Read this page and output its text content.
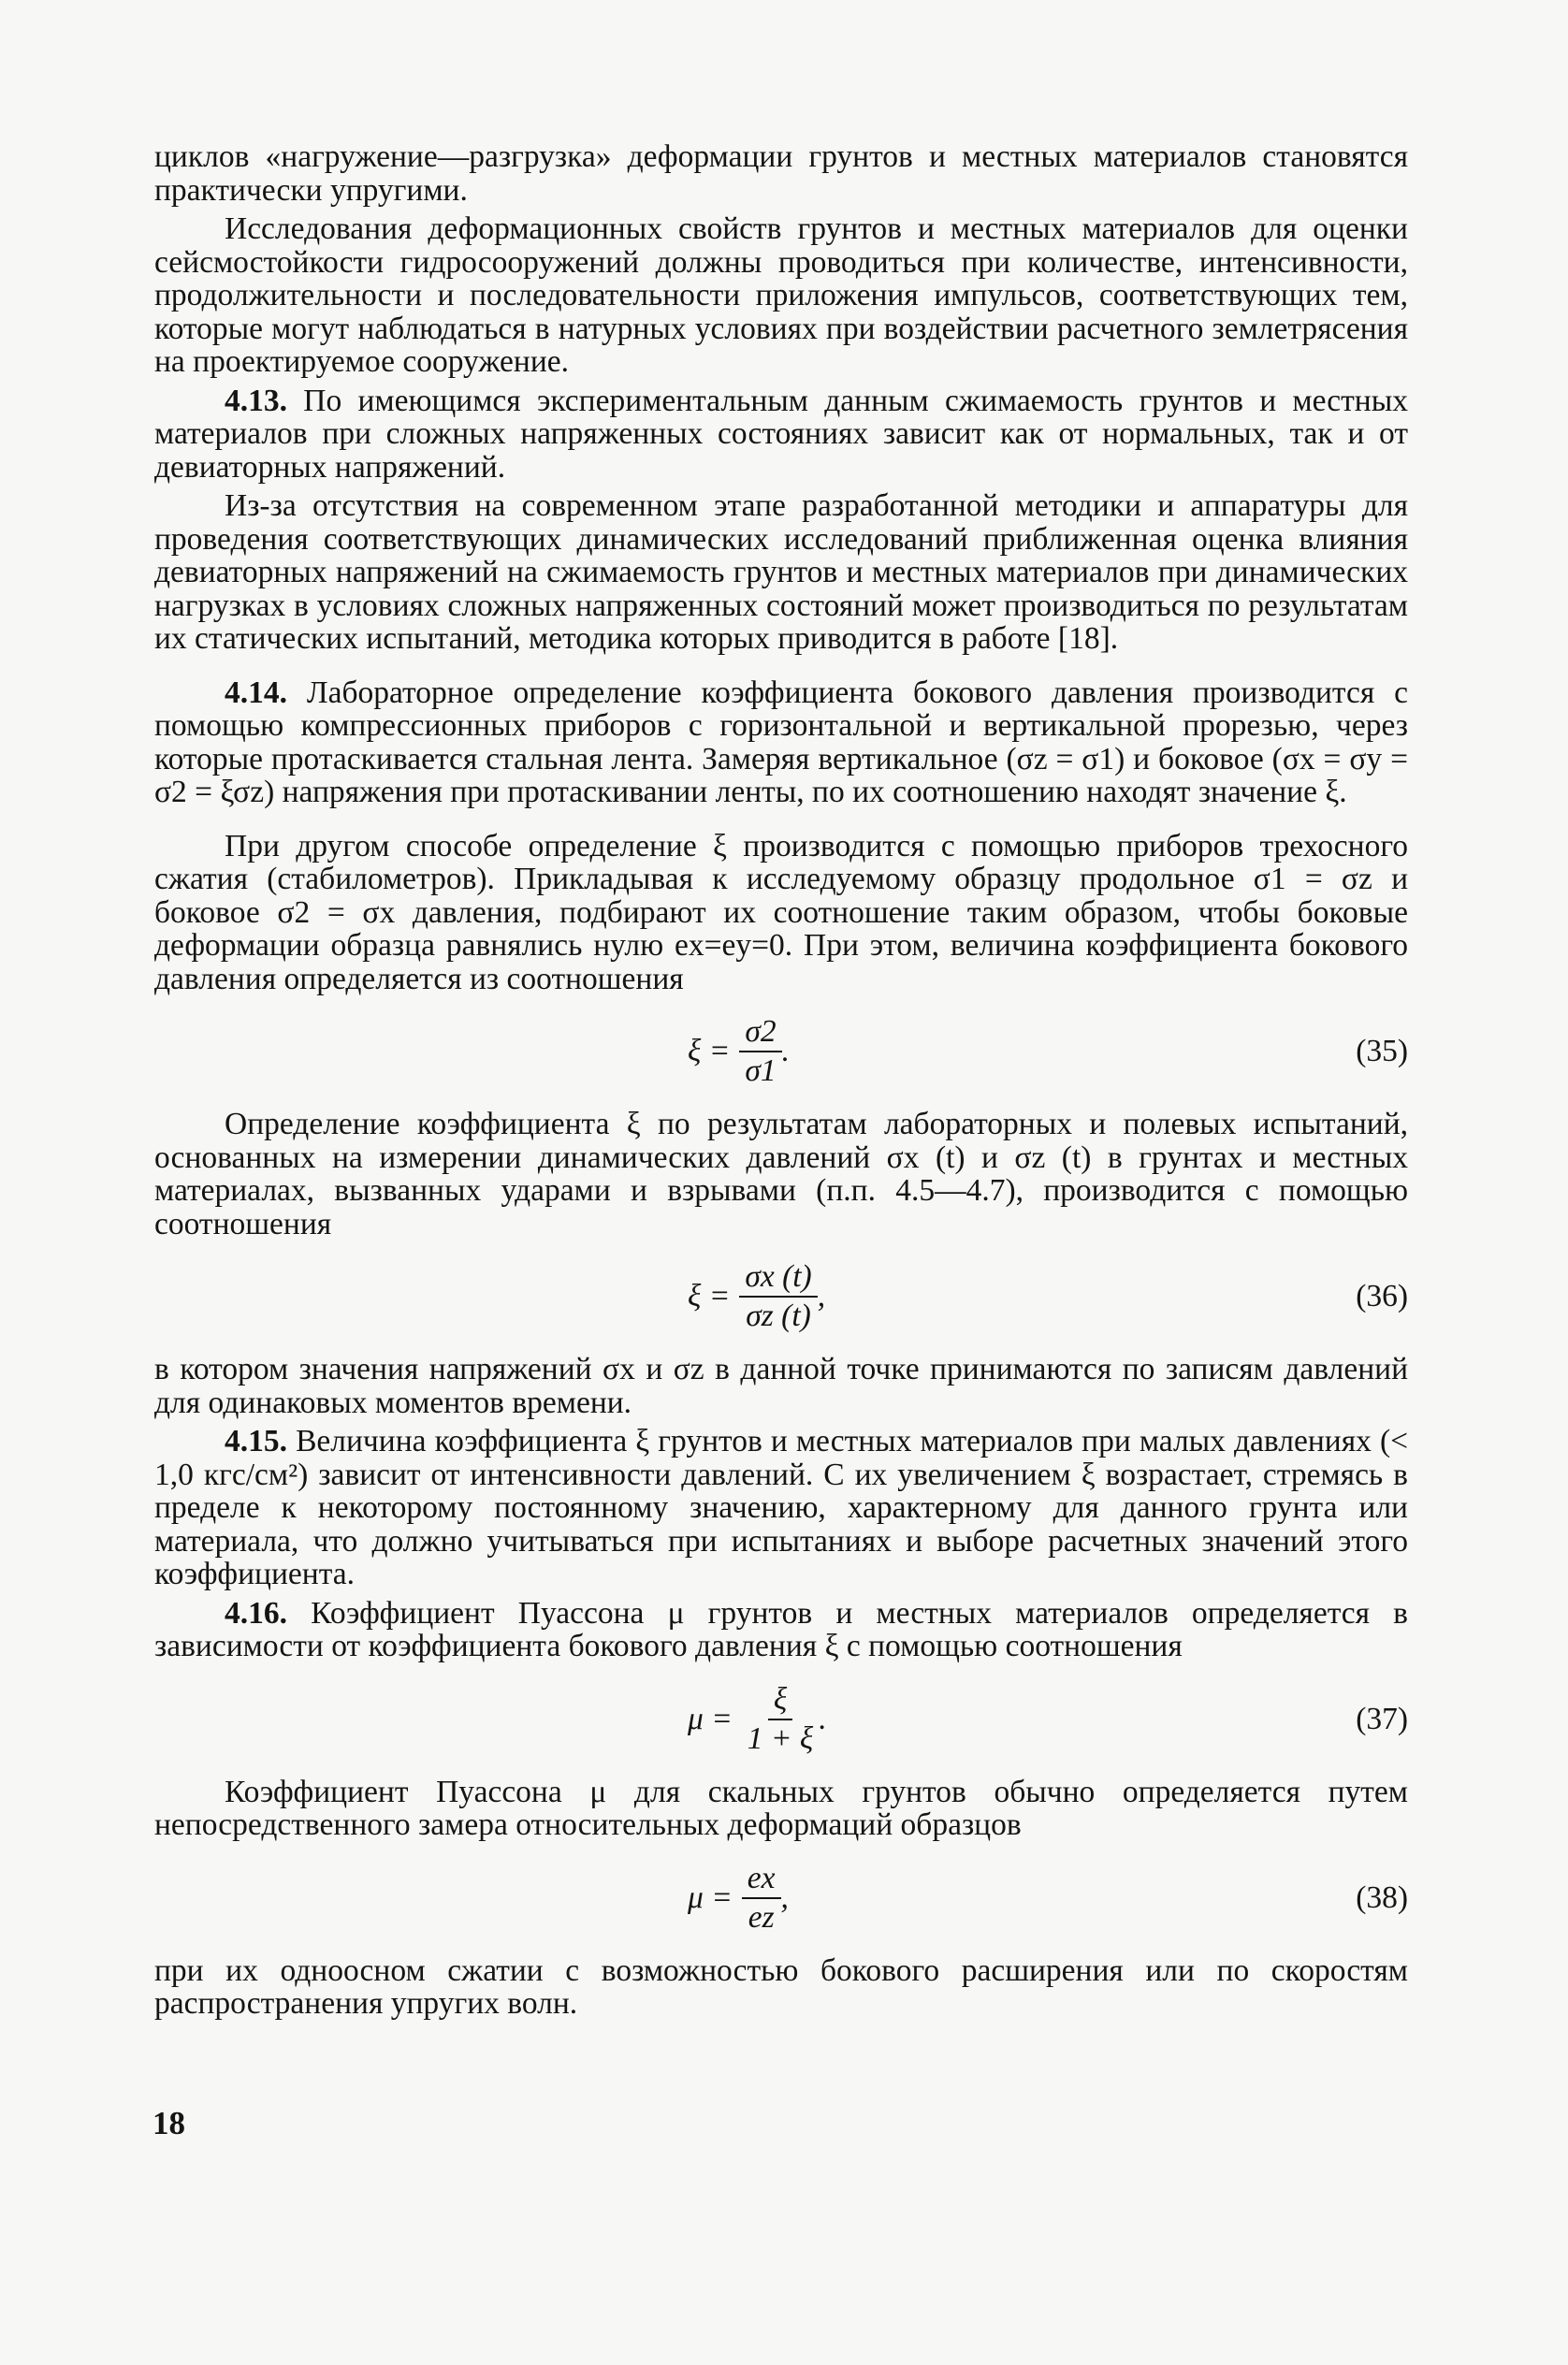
циклов «нагружение—разгрузка» деформации грунтов и местных материалов становятся практически упругими.

Исследования деформационных свойств грунтов и местных материалов для оценки сейсмостойкости гидросооружений должны проводиться при количестве, интенсивности, продолжительности и последовательности приложения импульсов, соответствующих тем, которые могут наблюдаться в натурных условиях при воздействии расчетного землетрясения на проектируемое сооружение.

4.13. По имеющимся экспериментальным данным сжимаемость грунтов и местных материалов при сложных напряженных состояниях зависит как от нормальных, так и от девиаторных напряжений.

Из-за отсутствия на современном этапе разработанной методики и аппаратуры для проведения соответствующих динамических исследований приближенная оценка влияния девиаторных напряжений на сжимаемость грунтов и местных материалов при динамических нагрузках в условиях сложных напряженных состояний может производиться по результатам их статических испытаний, методика которых приводится в работе [18].

4.14. Лабораторное определение коэффициента бокового давления производится с помощью компрессионных приборов с горизонтальной и вертикальной прорезью, через которые протаскивается стальная лента. Замеряя вертикальное (σz = σ1) и боковое (σx = σy = σ2 = ξσz) напряжения при протаскивании ленты, по их соотношению находят значение ξ.

При другом способе определение ξ производится с помощью приборов трехосного сжатия (стабилометров). Прикладывая к исследуемому образцу продольное σ1 = σz и боковое σ2 = σx давления, подбирают их соотношение таким образом, чтобы боковые деформации образца равнялись нулю ex=ey=0. При этом, величина коэффициента бокового давления определяется из соотношения

$\xi = \frac{\sigma 2}{\sigma 1}$ .	(35)

Определение коэффициента ξ по результатам лабораторных и полевых испытаний, основанных на измерении динамических давлений σx (t) и σz (t) в грунтах и местных материалах, вызванных ударами и взрывами (п.п. 4.5—4.7), производится с помощью соотношения

$\xi = \frac{\sigma x (t)}{\sigma z (t)}$ ,	(36)

в котором значения напряжений σx и σz в данной точке принимаются по записям давлений для одинаковых моментов времени.

4.15. Величина коэффициента ξ грунтов и местных материалов при малых давлениях (< 1,0 кгс/см²) зависит от интенсивности давлений. С их увеличением ξ возрастает, стремясь в пределе к некоторому постоянному значению, характерному для данного грунта или материала, что должно учитываться при испытаниях и выборе расчетных значений этого коэффициента.

4.16. Коэффициент Пуассона μ грунтов и местных материалов определяется в зависимости от коэффициента бокового давления ξ с помощью соотношения

$\mu = \frac{\xi}{1 + \xi}$ .	(37)

Коэффициент Пуассона μ для скальных грунтов обычно определяется путем непосредственного замера относительных деформаций образцов

$\mu = \frac{ex}{ez}$ ,	(38)

при их одноосном сжатии с возможностью бокового расширения или по скоростям распространения упругих волн.

18
